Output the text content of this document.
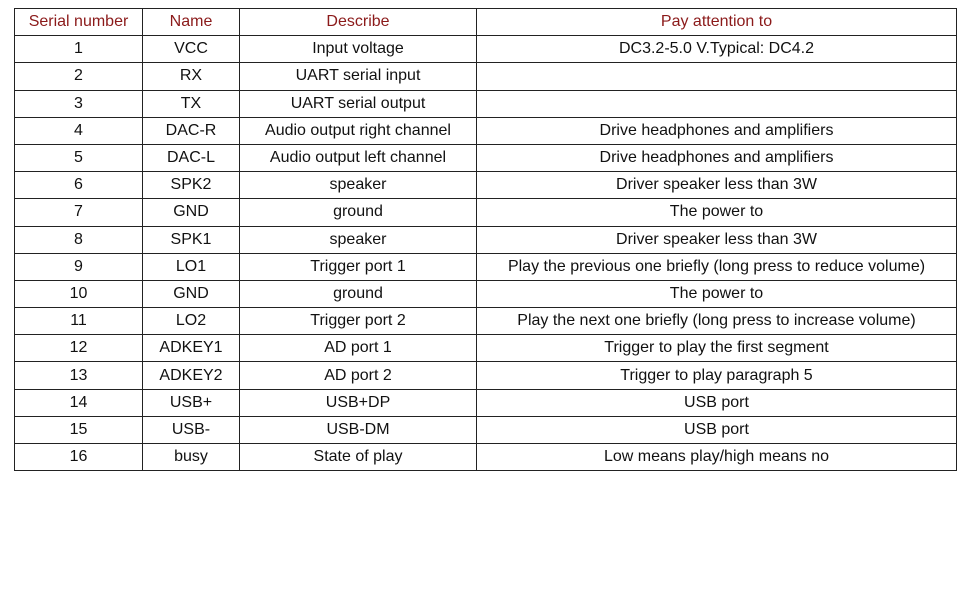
Serial number	Name	Describe	Pay attention to
1	VCC	Input voltage	DC3.2-5.0 V.Typical: DC4.2
2	RX	UART serial input	
3	TX	UART serial output	
4	DAC-R	Audio output right channel	Drive headphones and amplifiers
5	DAC-L	Audio output left channel	Drive headphones and amplifiers
6	SPK2	speaker	Driver speaker less than 3W
7	GND	ground	The power to
8	SPK1	speaker	Driver speaker less than 3W
9	LO1	Trigger port 1	Play the previous one briefly (long press to reduce volume)
10	GND	ground	The power to
11	LO2	Trigger port 2	Play the next one briefly (long press to increase volume)
12	ADKEY1	AD port 1	Trigger to play the first segment
13	ADKEY2	AD port 2	Trigger to play paragraph 5
14	USB+	USB+DP	USB port
15	USB-	USB-DM	USB port
16	busy	State of play	Low means play/high means no
